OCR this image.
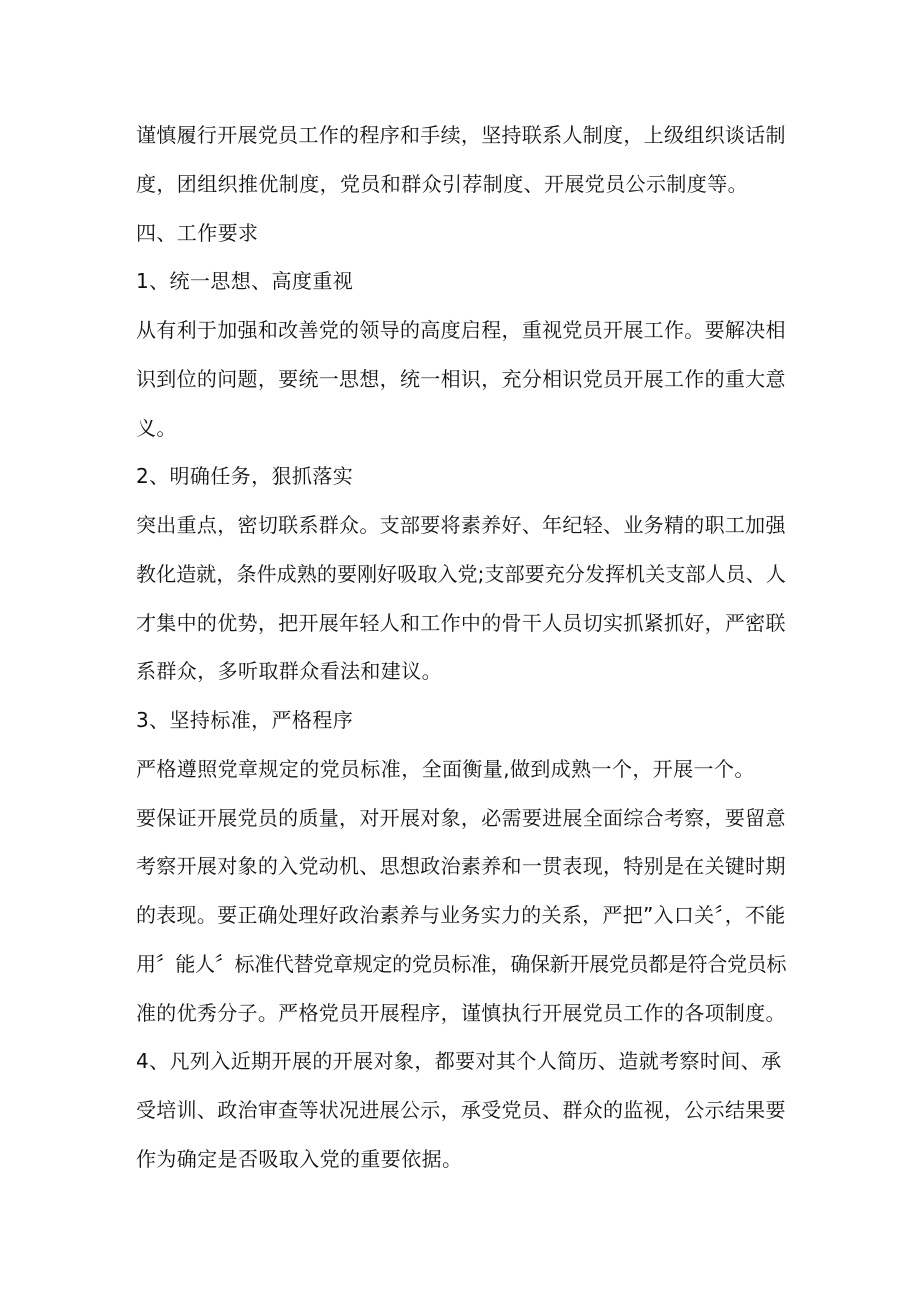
谨慎履行开展党员工作的程序和手续，坚持联系人制度，上级组织谈话制
度，团组织推优制度，党员和群众引荐制度、开展党员公示制度等。
四、工作要求
1、统一思想、高度重视
从有利于加强和改善党的领导的高度启程，重视党员开展工作。要解决相
识到位的问题，要统一思想，统一相识，充分相识党员开展工作的重大意
义。
2、明确任务，狠抓落实
突出重点，密切联系群众。支部要将素养好、年纪轻、业务精的职工加强
教化造就，条件成熟的要刚好吸取入党;支部要充分发挥机关支部人员、人
才集中的优势，把开展年轻人和工作中的骨干人员切实抓紧抓好，严密联
系群众，多听取群众看法和建议。
3、坚持标准，严格程序
严格遵照党章规定的党员标准，全面衡量,做到成熟一个，开展一个。
要保证开展党员的质量，对开展对象，必需要进展全面综合考察，要留意
考察开展对象的入党动机、思想政治素养和一贯表现，特别是在关键时期
的表现。要正确处理好政治素养与业务实力的关系，严把”入口关〞，不能
用〞能人〞标准代替党章规定的党员标准，确保新开展党员都是符合党员标
准的优秀分子。严格党员开展程序，谨慎执行开展党员工作的各项制度。
4、凡列入近期开展的开展对象，都要对其个人简历、造就考察时间、承
受培训、政治审查等状况进展公示，承受党员、群众的监视，公示结果要
作为确定是否吸取入党的重要依据。
